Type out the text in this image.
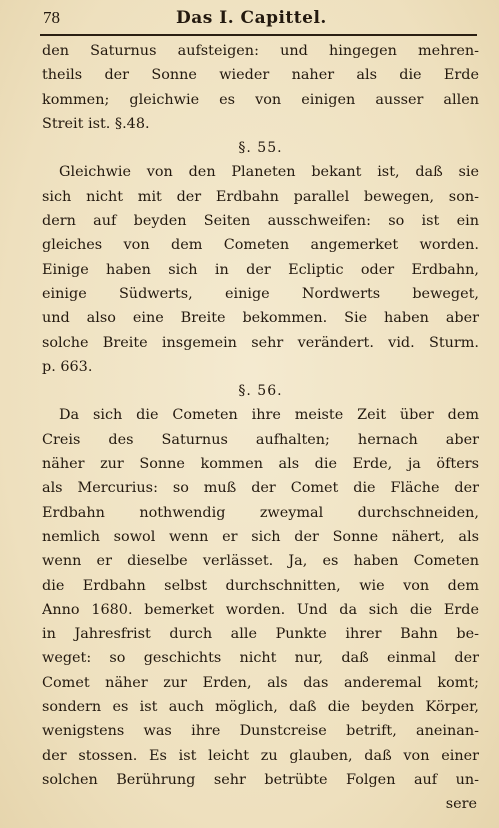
78	Das I. Capittel.
den Saturnus aufsteigen: und hingegen mehren-
theils der Sonne wieder naher als die Erde
kommen; gleichwie es von einigen ausser allen
Streit ist. §.48.
§. 55.
Gleichwie von den Planeten bekant ist, daß sie
sich nicht mit der Erdbahn parallel bewegen, son-
dern auf beyden Seiten ausschweifen: so ist ein
gleiches von dem Cometen angemerket worden.
Einige haben sich in der Ecliptic oder Erdbahn,
einige Südwerts, einige Nordwerts beweget,
und also eine Breite bekommen. Sie haben aber
solche Breite insgemein sehr verändert. vid. Sturm.
p. 663.
§. 56.
Da sich die Cometen ihre meiste Zeit über dem
Creis des Saturnus aufhalten; hernach aber
näher zur Sonne kommen als die Erde, ja öfters
als Mercurius: so muß der Comet die Fläche der
Erdbahn nothwendig zweymal durchschneiden,
nemlich sowol wenn er sich der Sonne nähert, als
wenn er dieselbe verlässet. Ja, es haben Cometen
die Erdbahn selbst durchschnitten, wie von dem
Anno 1680. bemerket worden. Und da sich die Erde
in Jahresfrist durch alle Punkte ihrer Bahn be-
weget: so geschichts nicht nur, daß einmal der
Comet näher zur Erden, als das anderemal komt;
sondern es ist auch möglich, daß die beyden Körper,
wenigstens was ihre Dunstcreise betrift, aneinan-
der stossen. Es ist leicht zu glauben, daß von einer
solchen Berührung sehr betrübte Folgen auf un-
sere
